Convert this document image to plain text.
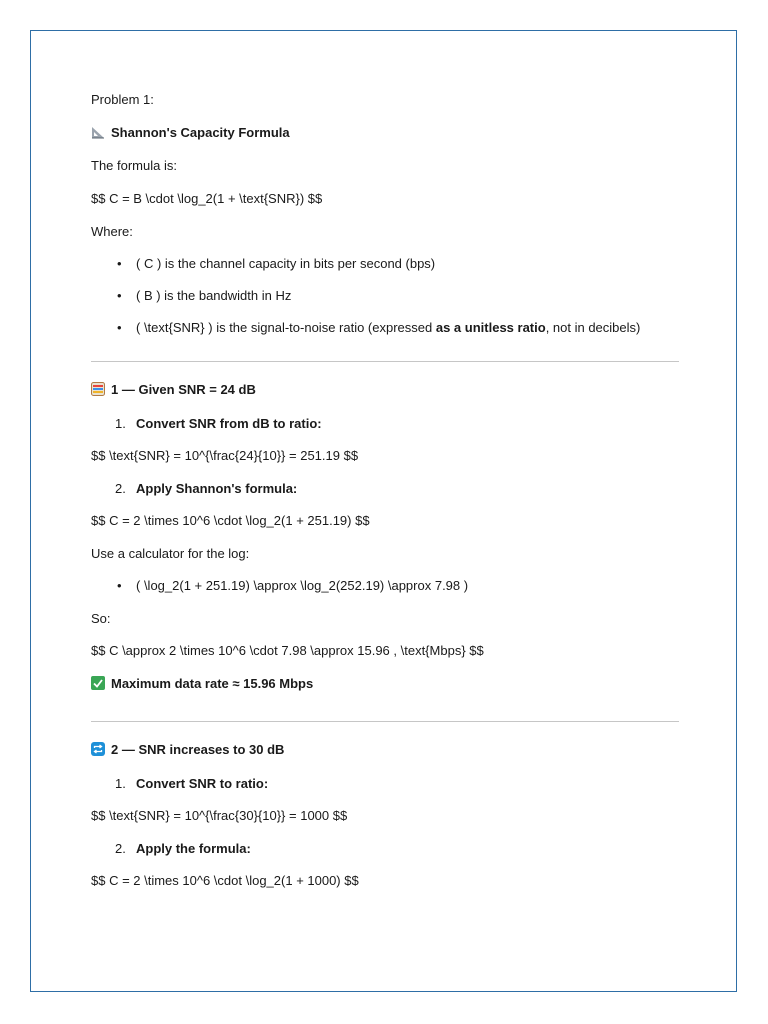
Problem 1:
Shannon's Capacity Formula
The formula is:
$$ C = B \cdot \log_2(1 + \text{SNR}) $$
Where:
•
( C ) is the channel capacity in bits per second (bps)
•
( B ) is the bandwidth in Hz
•
( \text{SNR} ) is the signal-to-noise ratio (expressed as a unitless ratio, not in decibels)
1 — Given SNR = 24 dB
1. Convert SNR from dB to ratio:
$$ \text{SNR} = 10^{\frac{24}{10}} = 251.19 $$
2. Apply Shannon's formula:
$$ C = 2 \times 10^6 \cdot \log_2(1 + 251.19) $$
Use a calculator for the log:
•
( \log_2(1 + 251.19) \approx \log_2(252.19) \approx 7.98 )
So:
$$ C \approx 2 \times 10^6 \cdot 7.98 \approx 15.96 , \text{Mbps} $$
Maximum data rate ≈ 15.96 Mbps
2 — SNR increases to 30 dB
1. Convert SNR to ratio:
$$ \text{SNR} = 10^{\frac{30}{10}} = 1000 $$
2. Apply the formula:
$$ C = 2 \times 10^6 \cdot \log_2(1 + 1000) $$
